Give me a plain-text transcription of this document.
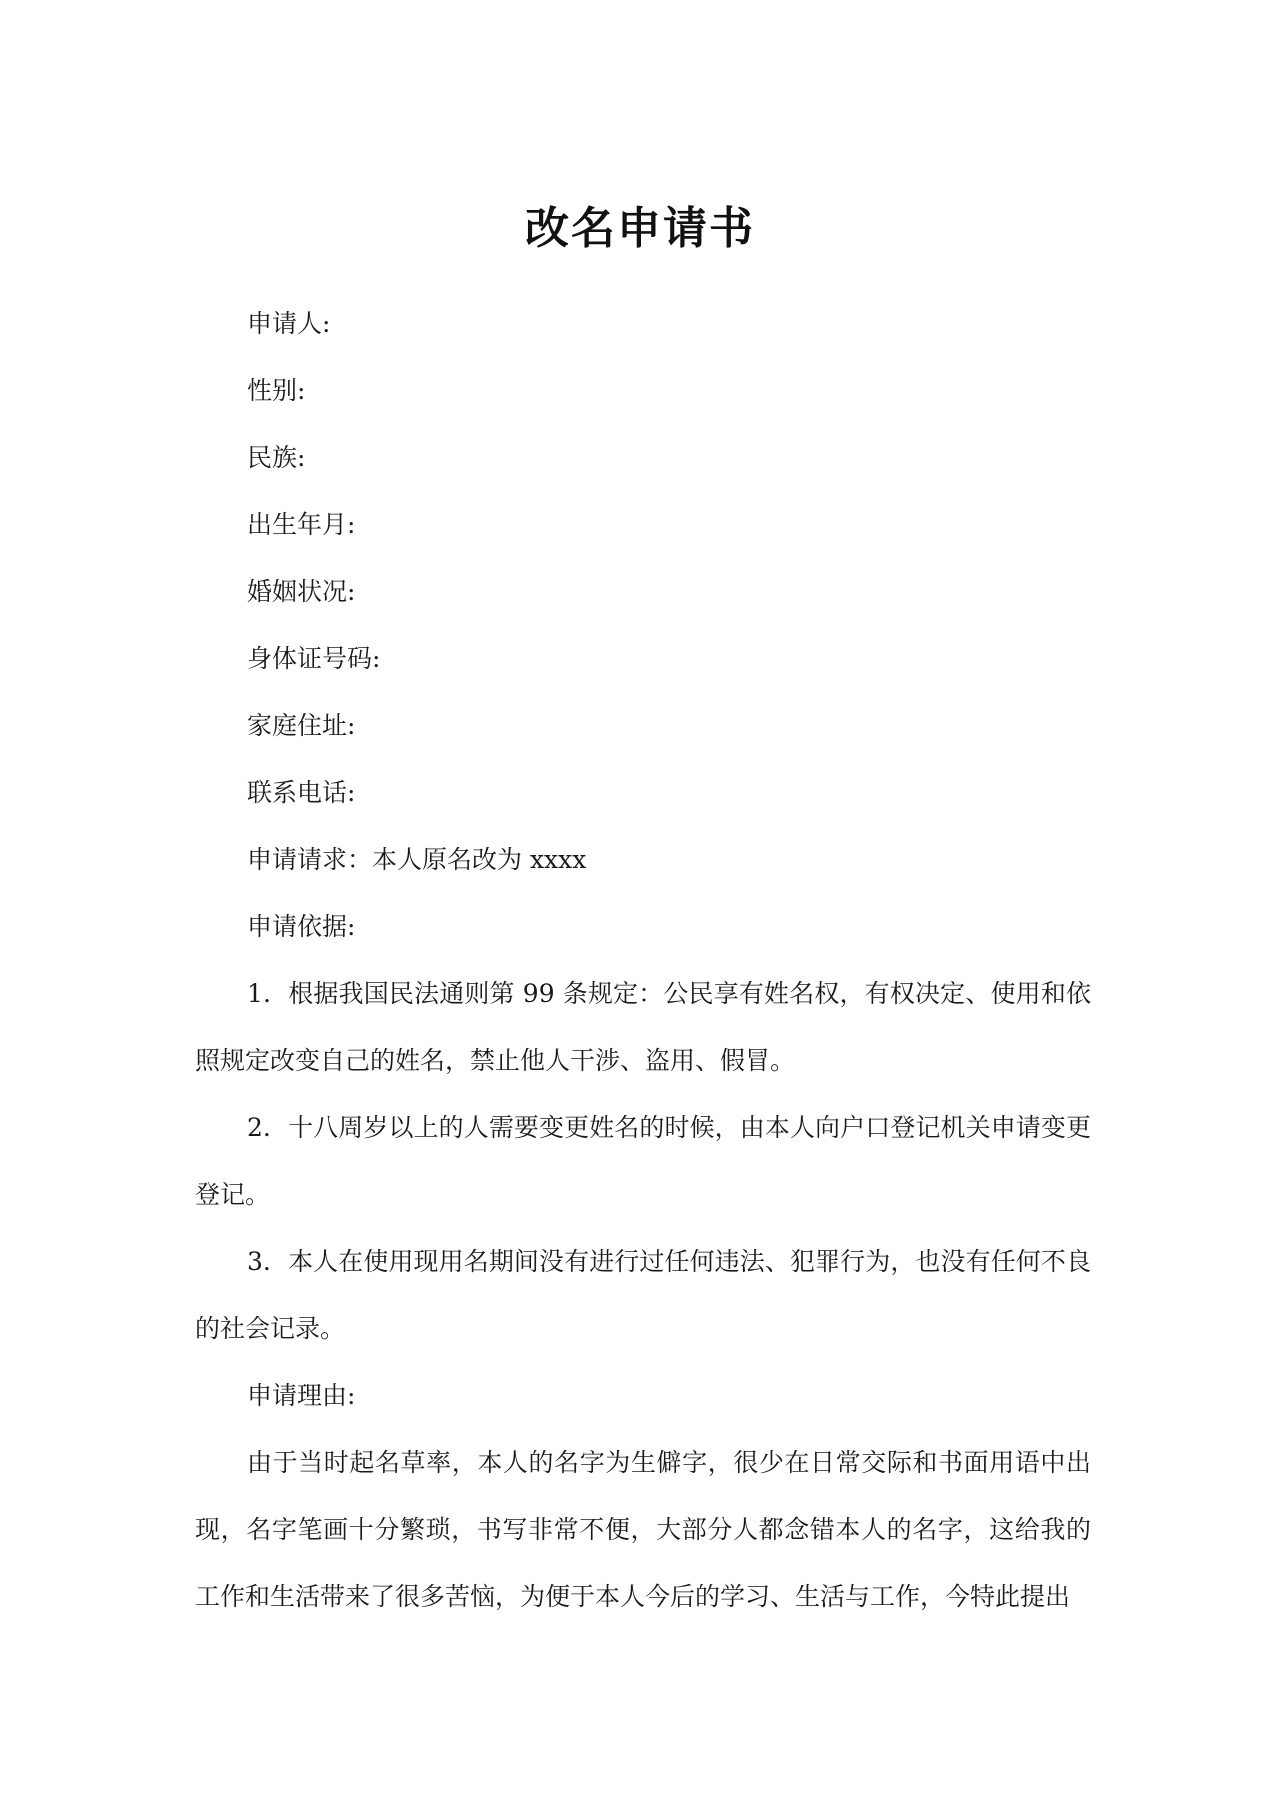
改名申请书

申请人:

性别:

民族:

出生年月:

婚姻状况:

身体证号码:

家庭住址:

联系电话:

申请请求：本人原名改为 xxxx

申请依据:

1．根据我国民法通则第 99 条规定：公民享有姓名权，有权决定、使用和依照规定改变自己的姓名，禁止他人干涉、盗用、假冒。

2．十八周岁以上的人需要变更姓名的时候，由本人向户口登记机关申请变更登记。

3．本人在使用现用名期间没有进行过任何违法、犯罪行为，也没有任何不良的社会记录。

申请理由:

由于当时起名草率，本人的名字为生僻字，很少在日常交际和书面用语中出现，名字笔画十分繁琐，书写非常不便，大部分人都念错本人的名字，这给我的工作和生活带来了很多苦恼，为便于本人今后的学习、生活与工作，今特此提出
